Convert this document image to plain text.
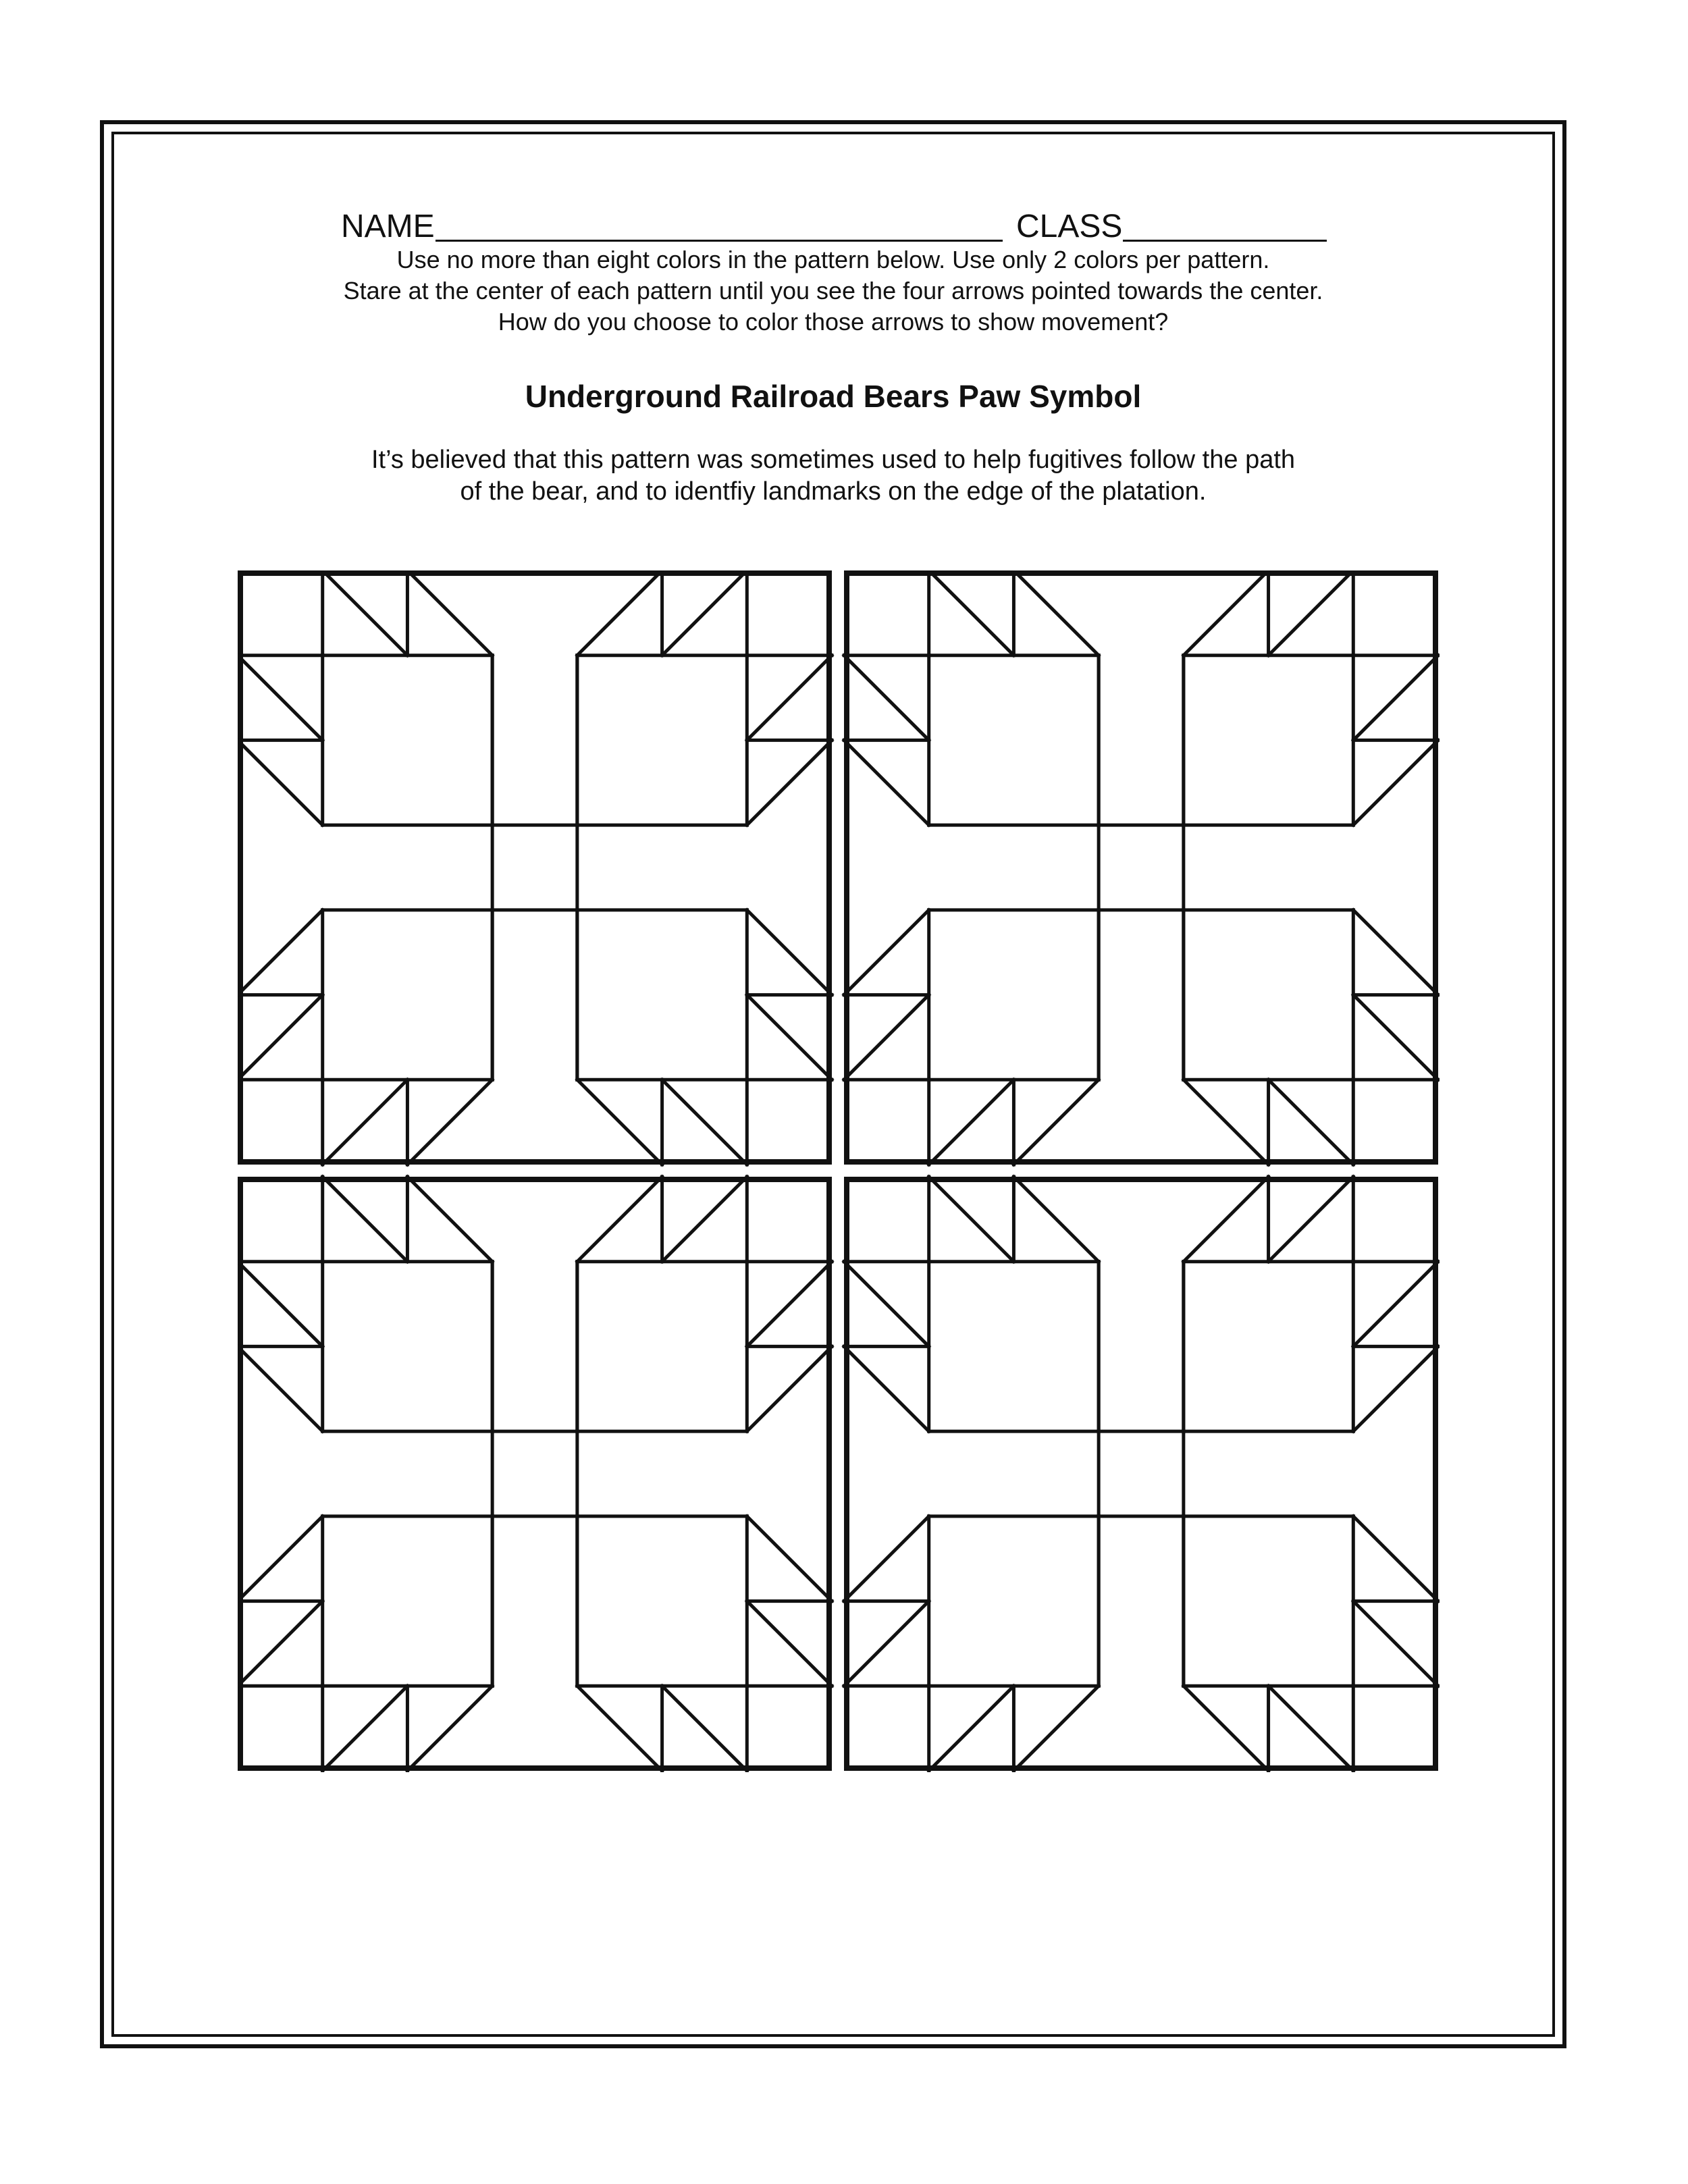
NAME	CLASS
Use no more than eight colors in the pattern below. Use only 2 colors per pattern.
Stare at the center of each pattern until you see the four arrows pointed towards the center.
How do you choose to color those arrows to show movement?
Underground Railroad Bears Paw Symbol
It’s believed that this pattern was sometimes used to help fugitives follow the path
of the bear, and to identfiy landmarks on the edge of the platation.
